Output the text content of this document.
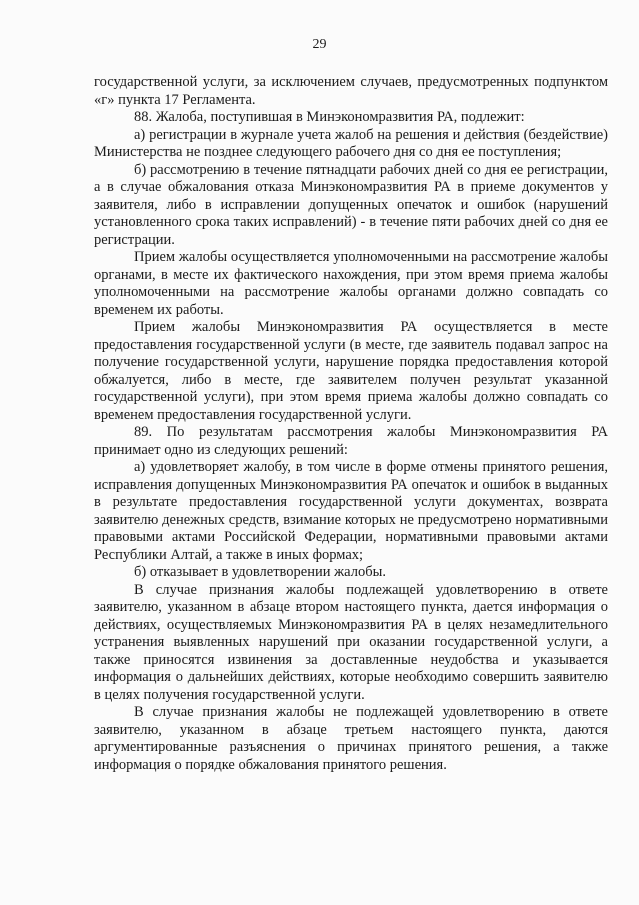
29

государственной услуги, за исключением случаев, предусмотренных подпунктом «г» пункта 17 Регламента.

88. Жалоба, поступившая в Минэкономразвития РА, подлежит:

а) регистрации в журнале учета жалоб на решения и действия (бездействие) Министерства не позднее следующего рабочего дня со дня ее поступления;

б) рассмотрению в течение пятнадцати рабочих дней со дня ее регистрации, а в случае обжалования отказа Минэкономразвития РА в приеме документов у заявителя, либо в исправлении допущенных опечаток и ошибок (нарушений установленного срока таких исправлений) - в течение пяти рабочих дней со дня ее регистрации.

Прием жалобы осуществляется уполномоченными на рассмотрение жалобы органами, в месте их фактического нахождения, при этом время приема жалобы уполномоченными на рассмотрение жалобы органами должно совпадать со временем их работы.

Прием жалобы Минэкономразвития РА осуществляется в месте предоставления государственной услуги (в месте, где заявитель подавал запрос на получение государственной услуги, нарушение порядка предоставления которой обжалуется, либо в месте, где заявителем получен результат указанной государственной услуги), при этом время приема жалобы должно совпадать со временем предоставления государственной услуги.

89. По результатам рассмотрения жалобы Минэкономразвития РА принимает одно из следующих решений:

а) удовлетворяет жалобу, в том числе в форме отмены принятого решения, исправления допущенных Минэкономразвития РА опечаток и ошибок в выданных в результате предоставления государственной услуги документах, возврата заявителю денежных средств, взимание которых не предусмотрено нормативными правовыми актами Российской Федерации, нормативными правовыми актами Республики Алтай, а также в иных формах;

б) отказывает в удовлетворении жалобы.

В случае признания жалобы подлежащей удовлетворению в ответе заявителю, указанном в абзаце втором настоящего пункта, дается информация о действиях, осуществляемых Минэкономразвития РА в целях незамедлительного устранения выявленных нарушений при оказании государственной услуги, а также приносятся извинения за доставленные неудобства и указывается информация о дальнейших действиях, которые необходимо совершить заявителю в целях получения государственной услуги.

В случае признания жалобы не подлежащей удовлетворению в ответе заявителю, указанном в абзаце третьем настоящего пункта, даются аргументированные разъяснения о причинах принятого решения, а также информация о порядке обжалования принятого решения.
